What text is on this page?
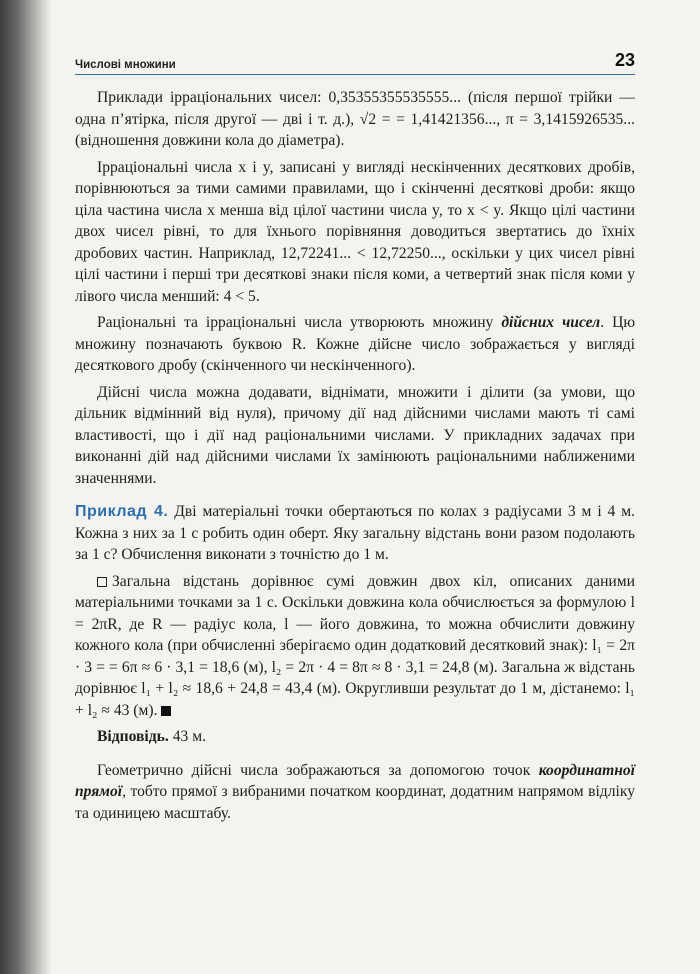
Числові множини	23

Приклади ірраціональних чисел: 0,35355355535555... (після першої трійки — одна п’ятірка, після другої — дві і т. д.), √2 = = 1,41421356..., π = 3,1415926535... (відношення довжини кола до діаметра).

Ірраціональні числа x і y, записані у вигляді нескінченних десяткових дробів, порівнюються за тими самими правилами, що і скінченні десяткові дроби: якщо ціла частина числа x менша від цілої частини числа y, то x < y. Якщо цілі частини двох чисел рівні, то для їхнього порівняння доводиться звертатись до їхніх дробових частин. Наприклад, 12,72241... < 12,72250..., оскільки у цих чисел рівні цілі частини і перші три десяткові знаки після коми, а четвертий знак після коми у лівого числа менший: 4 < 5.

Раціональні та ірраціональні числа утворюють множину дійсних чисел. Цю множину позначають буквою R. Кожне дійсне число зображається у вигляді десяткового дробу (скінченного чи нескінченного).

Дійсні числа можна додавати, віднімати, множити і ділити (за умови, що дільник відмінний від нуля), причому дії над дійсними числами мають ті самі властивості, що і дії над раціональними числами. У прикладних задачах при виконанні дій над дійсними числами їх замінюють раціональними наближеними значеннями.

Приклад 4. Дві матеріальні точки обертаються по колах з радіусами 3 м і 4 м. Кожна з них за 1 с робить один оберт. Яку загальну відстань вони разом подолають за 1 с? Обчислення виконати з точністю до 1 м.

Загальна відстань дорівнює сумі довжин двох кіл, описаних даними матеріальними точками за 1 с. Оскільки довжина кола обчислюється за формулою l = 2πR, де R — радіус кола, l — його довжина, то можна обчислити довжину кожного кола (при обчисленні зберігаємо один додатковий десятковий знак): l₁ = 2π · 3 = = 6π ≈ 6 · 3,1 = 18,6 (м), l₂ = 2π · 4 = 8π ≈ 8 · 3,1 = 24,8 (м). Загальна ж відстань дорівнює l₁ + l₂ ≈ 18,6 + 24,8 = 43,4 (м). Округливши результат до 1 м, дістанемо: l₁ + l₂ ≈ 43 (м).

Відповідь. 43 м.

Геометрично дійсні числа зображаються за допомогою точок координатної прямої, тобто прямої з вибраними початком координат, додатним напрямом відліку та одиницею масштабу.
